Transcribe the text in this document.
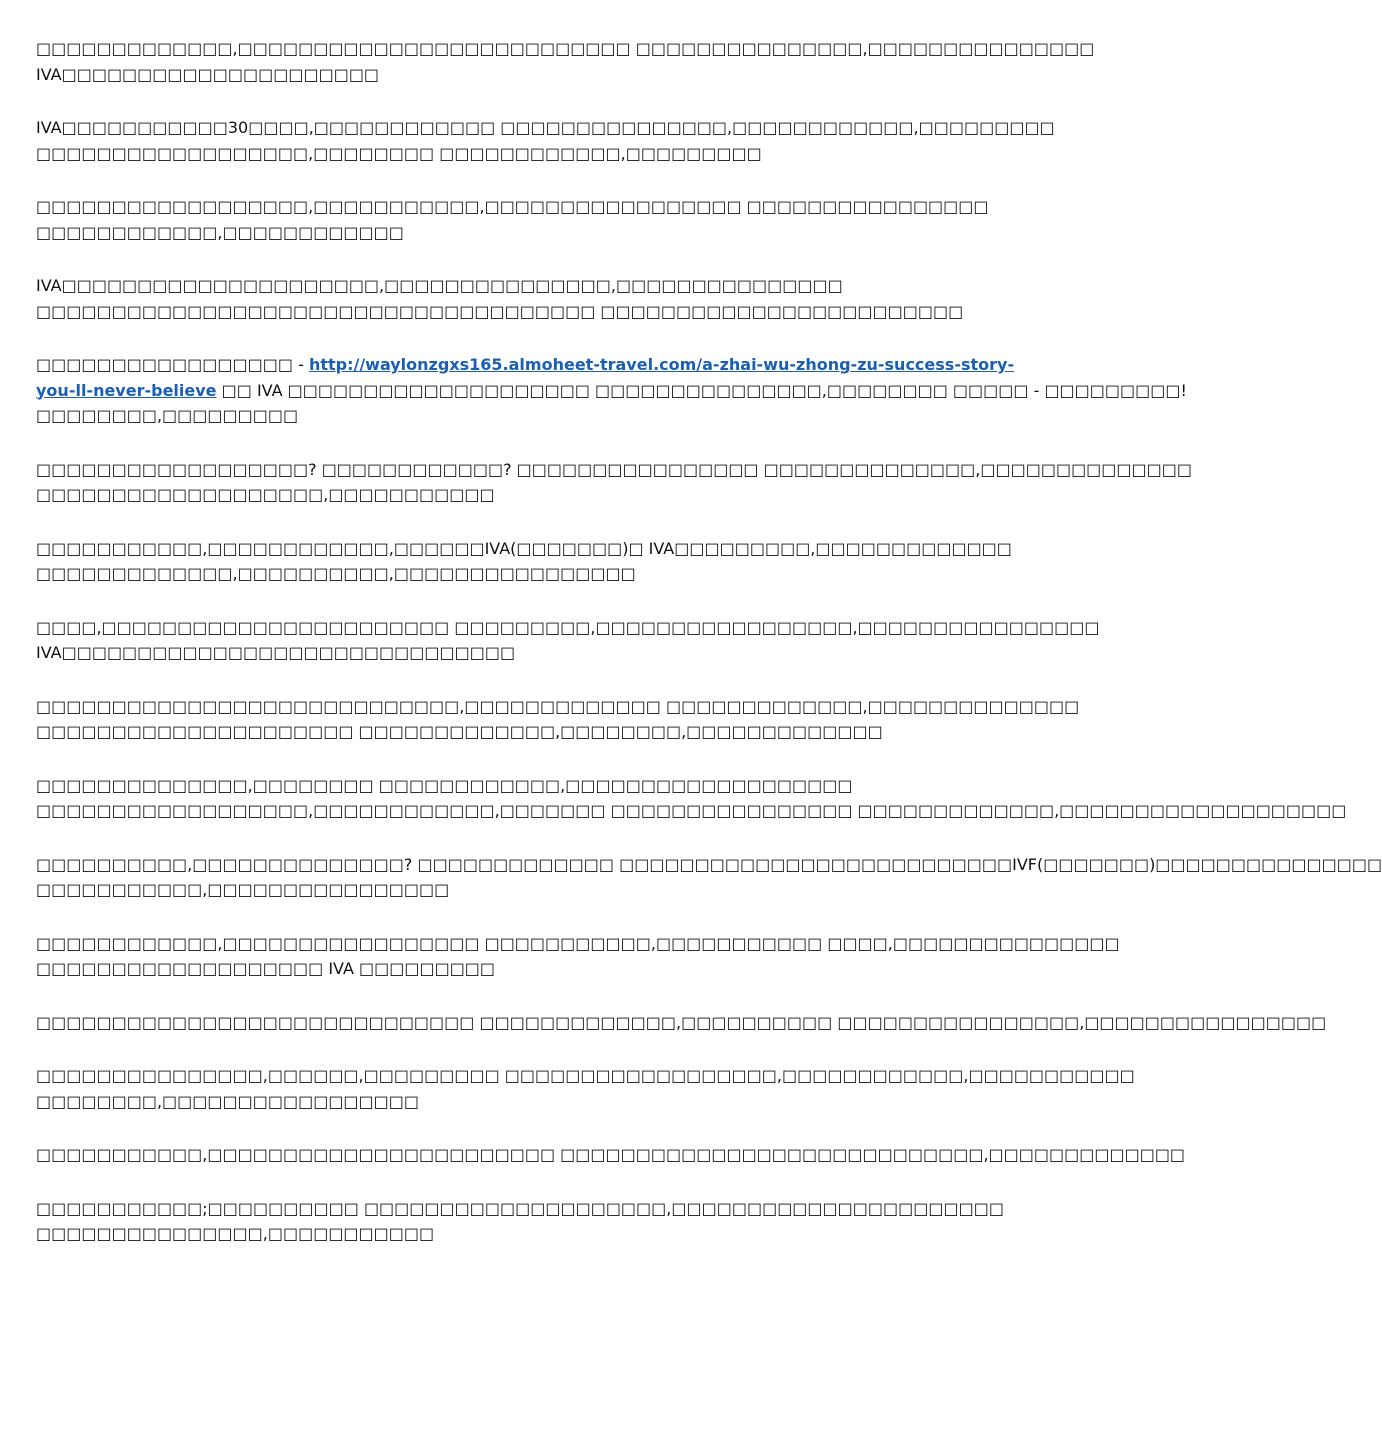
□□□□□□□□□□□□□,□□□□□□□□□□□□□□□□□□□□□□□□□□ □□□□□□□□□□□□□□□,□□□□□□□□□□□□□□□
IVA□□□□□□□□□□□□□□□□□□□□□

IVA□□□□□□□□□□□30□□□□,□□□□□□□□□□□□ □□□□□□□□□□□□□□□,□□□□□□□□□□□□,□□□□□□□□□
□□□□□□□□□□□□□□□□□□,□□□□□□□□ □□□□□□□□□□□□,□□□□□□□□□

□□□□□□□□□□□□□□□□□□,□□□□□□□□□□□,□□□□□□□□□□□□□□□□□ □□□□□□□□□□□□□□□□
□□□□□□□□□□□□,□□□□□□□□□□□□

IVA□□□□□□□□□□□□□□□□□□□□□,□□□□□□□□□□□□□□□,□□□□□□□□□□□□□□□
□□□□□□□□□□□□□□□□□□□□□□□□□□□□□□□□□□□□□ □□□□□□□□□□□□□□□□□□□□□□□□

□□□□□□□□□□□□□□□□□ - http://waylonzgxs165.almoheet-travel.com/a-zhai-wu-zhong-zu-success-story-
you-ll-never-believe □□ IVA □□□□□□□□□□□□□□□□□□□□ □□□□□□□□□□□□□□□,□□□□□□□□ □□□□□ - □□□□□□□□□!
□□□□□□□□,□□□□□□□□□

□□□□□□□□□□□□□□□□□□? □□□□□□□□□□□□? □□□□□□□□□□□□□□□□ □□□□□□□□□□□□□□,□□□□□□□□□□□□□□
□□□□□□□□□□□□□□□□□□□,□□□□□□□□□□□

□□□□□□□□□□□,□□□□□□□□□□□□,□□□□□□IVA(□□□□□□□)□ IVA□□□□□□□□□,□□□□□□□□□□□□□
□□□□□□□□□□□□□,□□□□□□□□□□,□□□□□□□□□□□□□□□□

□□□□,□□□□□□□□□□□□□□□□□□□□□□□ □□□□□□□□□,□□□□□□□□□□□□□□□□□,□□□□□□□□□□□□□□□□
IVA□□□□□□□□□□□□□□□□□□□□□□□□□□□□□□

□□□□□□□□□□□□□□□□□□□□□□□□□□□□,□□□□□□□□□□□□□ □□□□□□□□□□□□□,□□□□□□□□□□□□□□
□□□□□□□□□□□□□□□□□□□□□ □□□□□□□□□□□□□,□□□□□□□□,□□□□□□□□□□□□□

□□□□□□□□□□□□□□,□□□□□□□□ □□□□□□□□□□□□,□□□□□□□□□□□□□□□□□□□
□□□□□□□□□□□□□□□□□□,□□□□□□□□□□□□,□□□□□□□ □□□□□□□□□□□□□□□□ □□□□□□□□□□□□□,□□□□□□□□□□□□□□□□□□□

□□□□□□□□□□,□□□□□□□□□□□□□□? □□□□□□□□□□□□□ □□□□□□□□□□□□□□□□□□□□□□□□□□IVF(□□□□□□□)□□□□□□□□□□□□□□□
□□□□□□□□□□□,□□□□□□□□□□□□□□□□

□□□□□□□□□□□□,□□□□□□□□□□□□□□□□□ □□□□□□□□□□□,□□□□□□□□□□□ □□□□,□□□□□□□□□□□□□□□
□□□□□□□□□□□□□□□□□□□ IVA □□□□□□□□□

□□□□□□□□□□□□□□□□□□□□□□□□□□□□□ □□□□□□□□□□□□□,□□□□□□□□□□ □□□□□□□□□□□□□□□□,□□□□□□□□□□□□□□□□

□□□□□□□□□□□□□□□,□□□□□□,□□□□□□□□□ □□□□□□□□□□□□□□□□□□,□□□□□□□□□□□□,□□□□□□□□□□□
□□□□□□□□,□□□□□□□□□□□□□□□□□

□□□□□□□□□□□,□□□□□□□□□□□□□□□□□□□□□□□ □□□□□□□□□□□□□□□□□□□□□□□□□□□□,□□□□□□□□□□□□□

□□□□□□□□□□□;□□□□□□□□□□ □□□□□□□□□□□□□□□□□□□□,□□□□□□□□□□□□□□□□□□□□□□
□□□□□□□□□□□□□□□,□□□□□□□□□□□
